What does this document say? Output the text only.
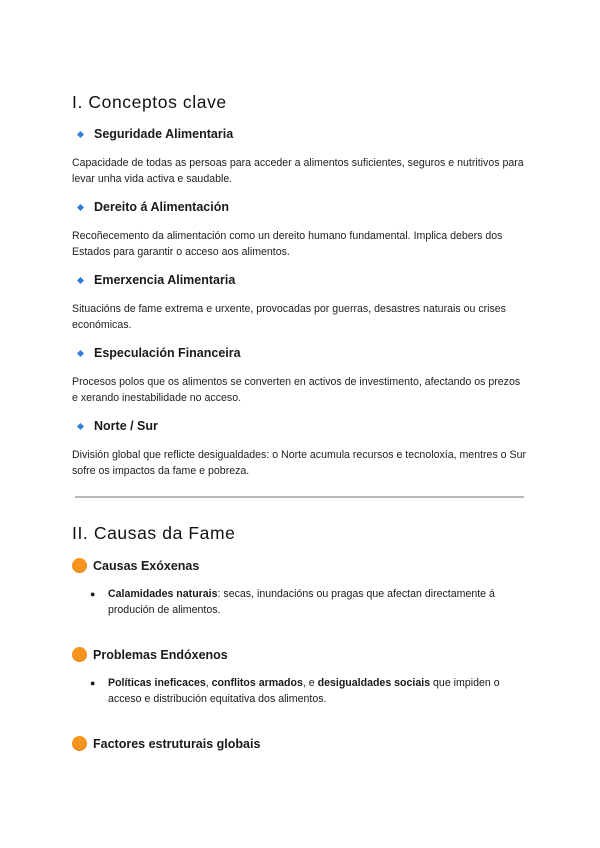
I. Conceptos clave
Seguridade Alimentaria
Capacidade de todas as persoas para acceder a alimentos suficientes, seguros e nutritivos para levar unha vida activa e saudable.
Dereito á Alimentación
Recoñecemento da alimentación como un dereito humano fundamental. Implica debers dos Estados para garantir o acceso aos alimentos.
Emerxencia Alimentaria
Situacións de fame extrema e urxente, provocadas por guerras, desastres naturais ou crises económicas.
Especulación Financeira
Procesos polos que os alimentos se converten en activos de investimento, afectando os prezos e xerando inestabilidade no acceso.
Norte / Sur
División global que reflicte desigualdades: o Norte acumula recursos e tecnoloxía, mentres o Sur sofre os impactos da fame e pobreza.
II. Causas da Fame
Causas Exóxenas
●	Calamidades naturais: secas, inundacións ou pragas que afectan directamente á produción de alimentos.
Problemas Endóxenos
●	Políticas ineficaces, conflitos armados, e desigualdades sociais que impiden o acceso e distribución equitativa dos alimentos.
Factores estruturais globais
